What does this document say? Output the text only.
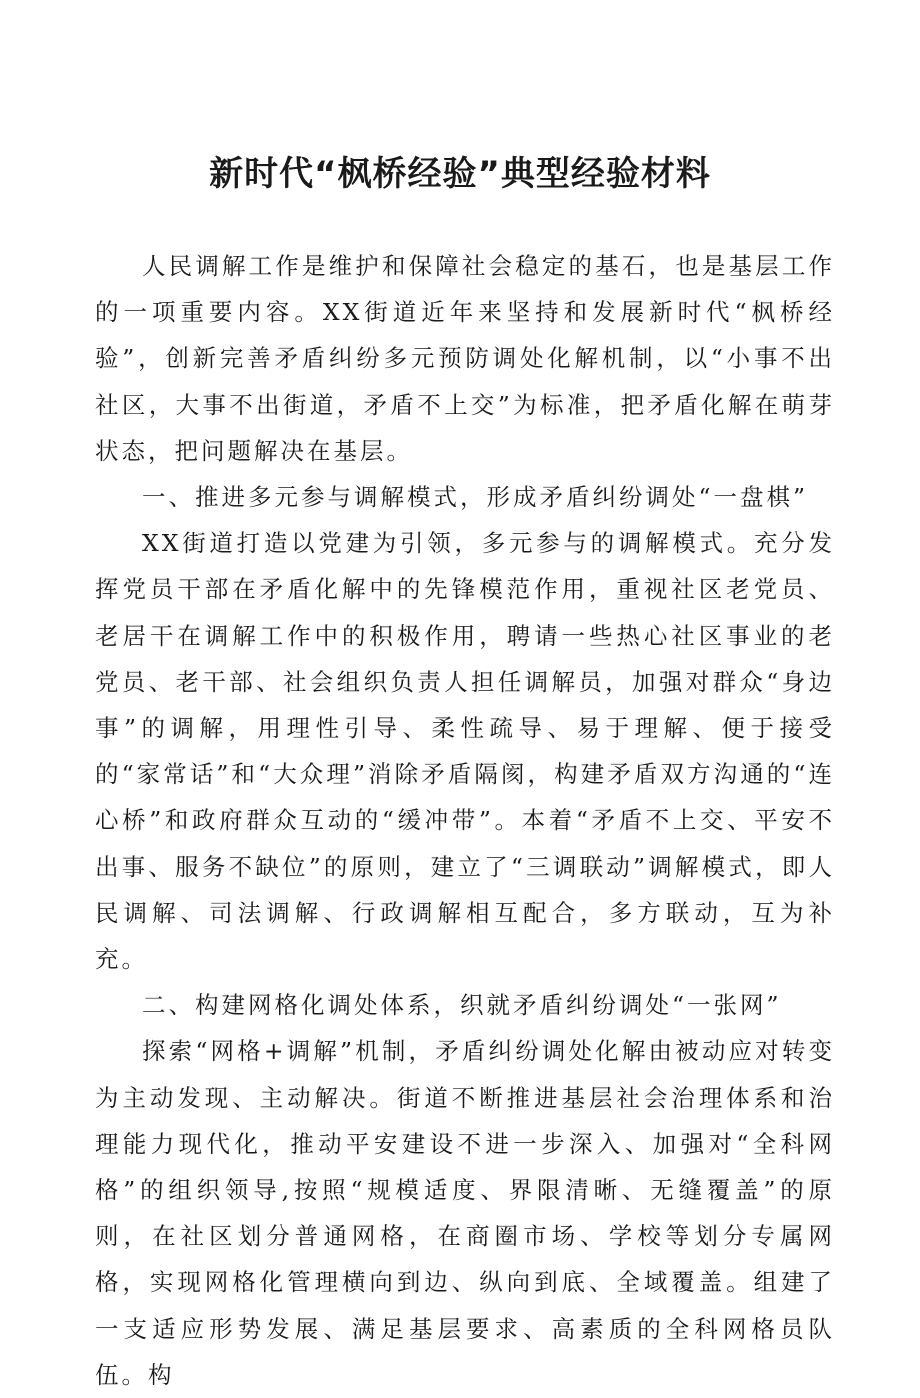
新时代“枫桥经验”典型经验材料

人民调解工作是维护和保障社会稳定的基石，也是基层工作的一项重要内容。XX街道近年来坚持和发展新时代“枫桥经验”，创新完善矛盾纠纷多元预防调处化解机制，以“小事不出社区，大事不出街道，矛盾不上交”为标准，把矛盾化解在萌芽状态，把问题解决在基层。

一、推进多元参与调解模式，形成矛盾纠纷调处“一盘棋”

XX街道打造以党建为引领，多元参与的调解模式。充分发挥党员干部在矛盾化解中的先锋模范作用，重视社区老党员、老居干在调解工作中的积极作用，聘请一些热心社区事业的老党员、老干部、社会组织负责人担任调解员，加强对群众“身边事”的调解，用理性引导、柔性疏导、易于理解、便于接受的“家常话”和“大众理”消除矛盾隔阂，构建矛盾双方沟通的“连心桥”和政府群众互动的“缓冲带”。本着“矛盾不上交、平安不出事、服务不缺位”的原则，建立了“三调联动”调解模式，即人民调解、司法调解、行政调解相互配合，多方联动，互为补充。

二、构建网格化调处体系，织就矛盾纠纷调处“一张网”

探索“网格+调解”机制，矛盾纠纷调处化解由被动应对转变为主动发现、主动解决。街道不断推进基层社会治理体系和治理能力现代化，推动平安建设不进一步深入、加强对“全科网格”的组织领导,按照“规模适度、界限清晰、无缝覆盖”的原则，在社区划分普通网格，在商圈市场、学校等划分专属网格，实现网格化管理横向到边、纵向到底、全域覆盖。组建了一支适应形势发展、满足基层要求、高素质的全科网格员队伍。构
